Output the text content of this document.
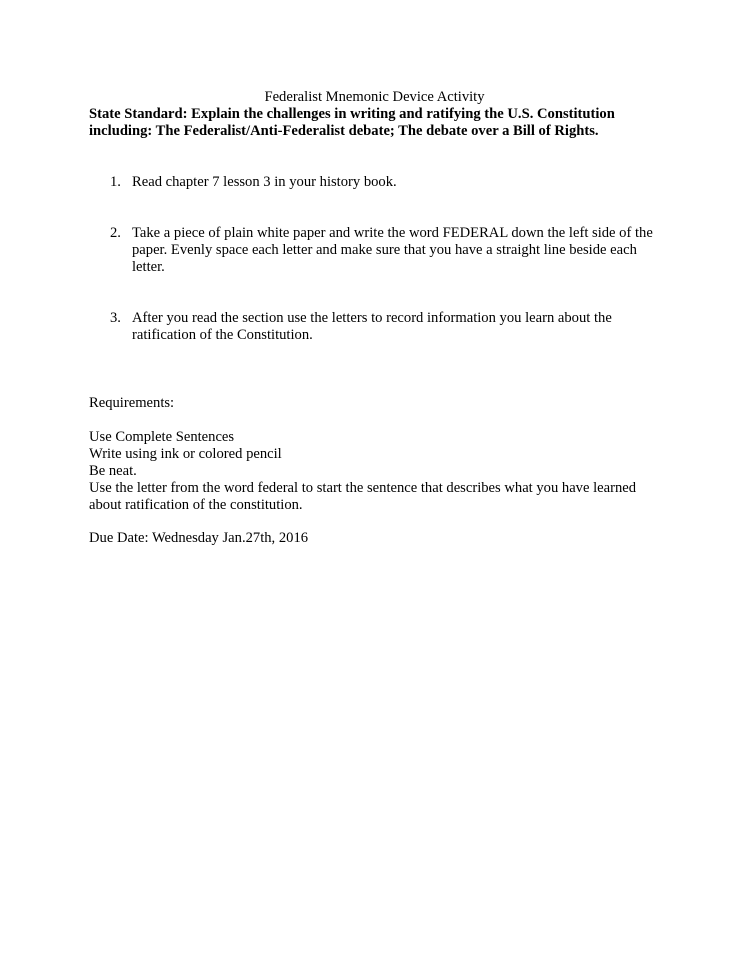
Federalist Mnemonic Device Activity
State Standard: Explain the challenges in writing and ratifying the U.S. Constitution including: The Federalist/Anti-Federalist debate; The debate over a Bill of Rights.
1. Read chapter 7 lesson 3 in your history book.
2. Take a piece of plain white paper and write the word FEDERAL down the left side of the paper. Evenly space each letter and make sure that you have a straight line beside each letter.
3. After you read the section use the letters to record information you learn about the ratification of the Constitution.
Requirements:
Use Complete Sentences
Write using ink or colored pencil
Be neat.
Use the letter from the word federal to start the sentence that describes what you have learned about ratification of the constitution.
Due Date: Wednesday Jan.27th, 2016
